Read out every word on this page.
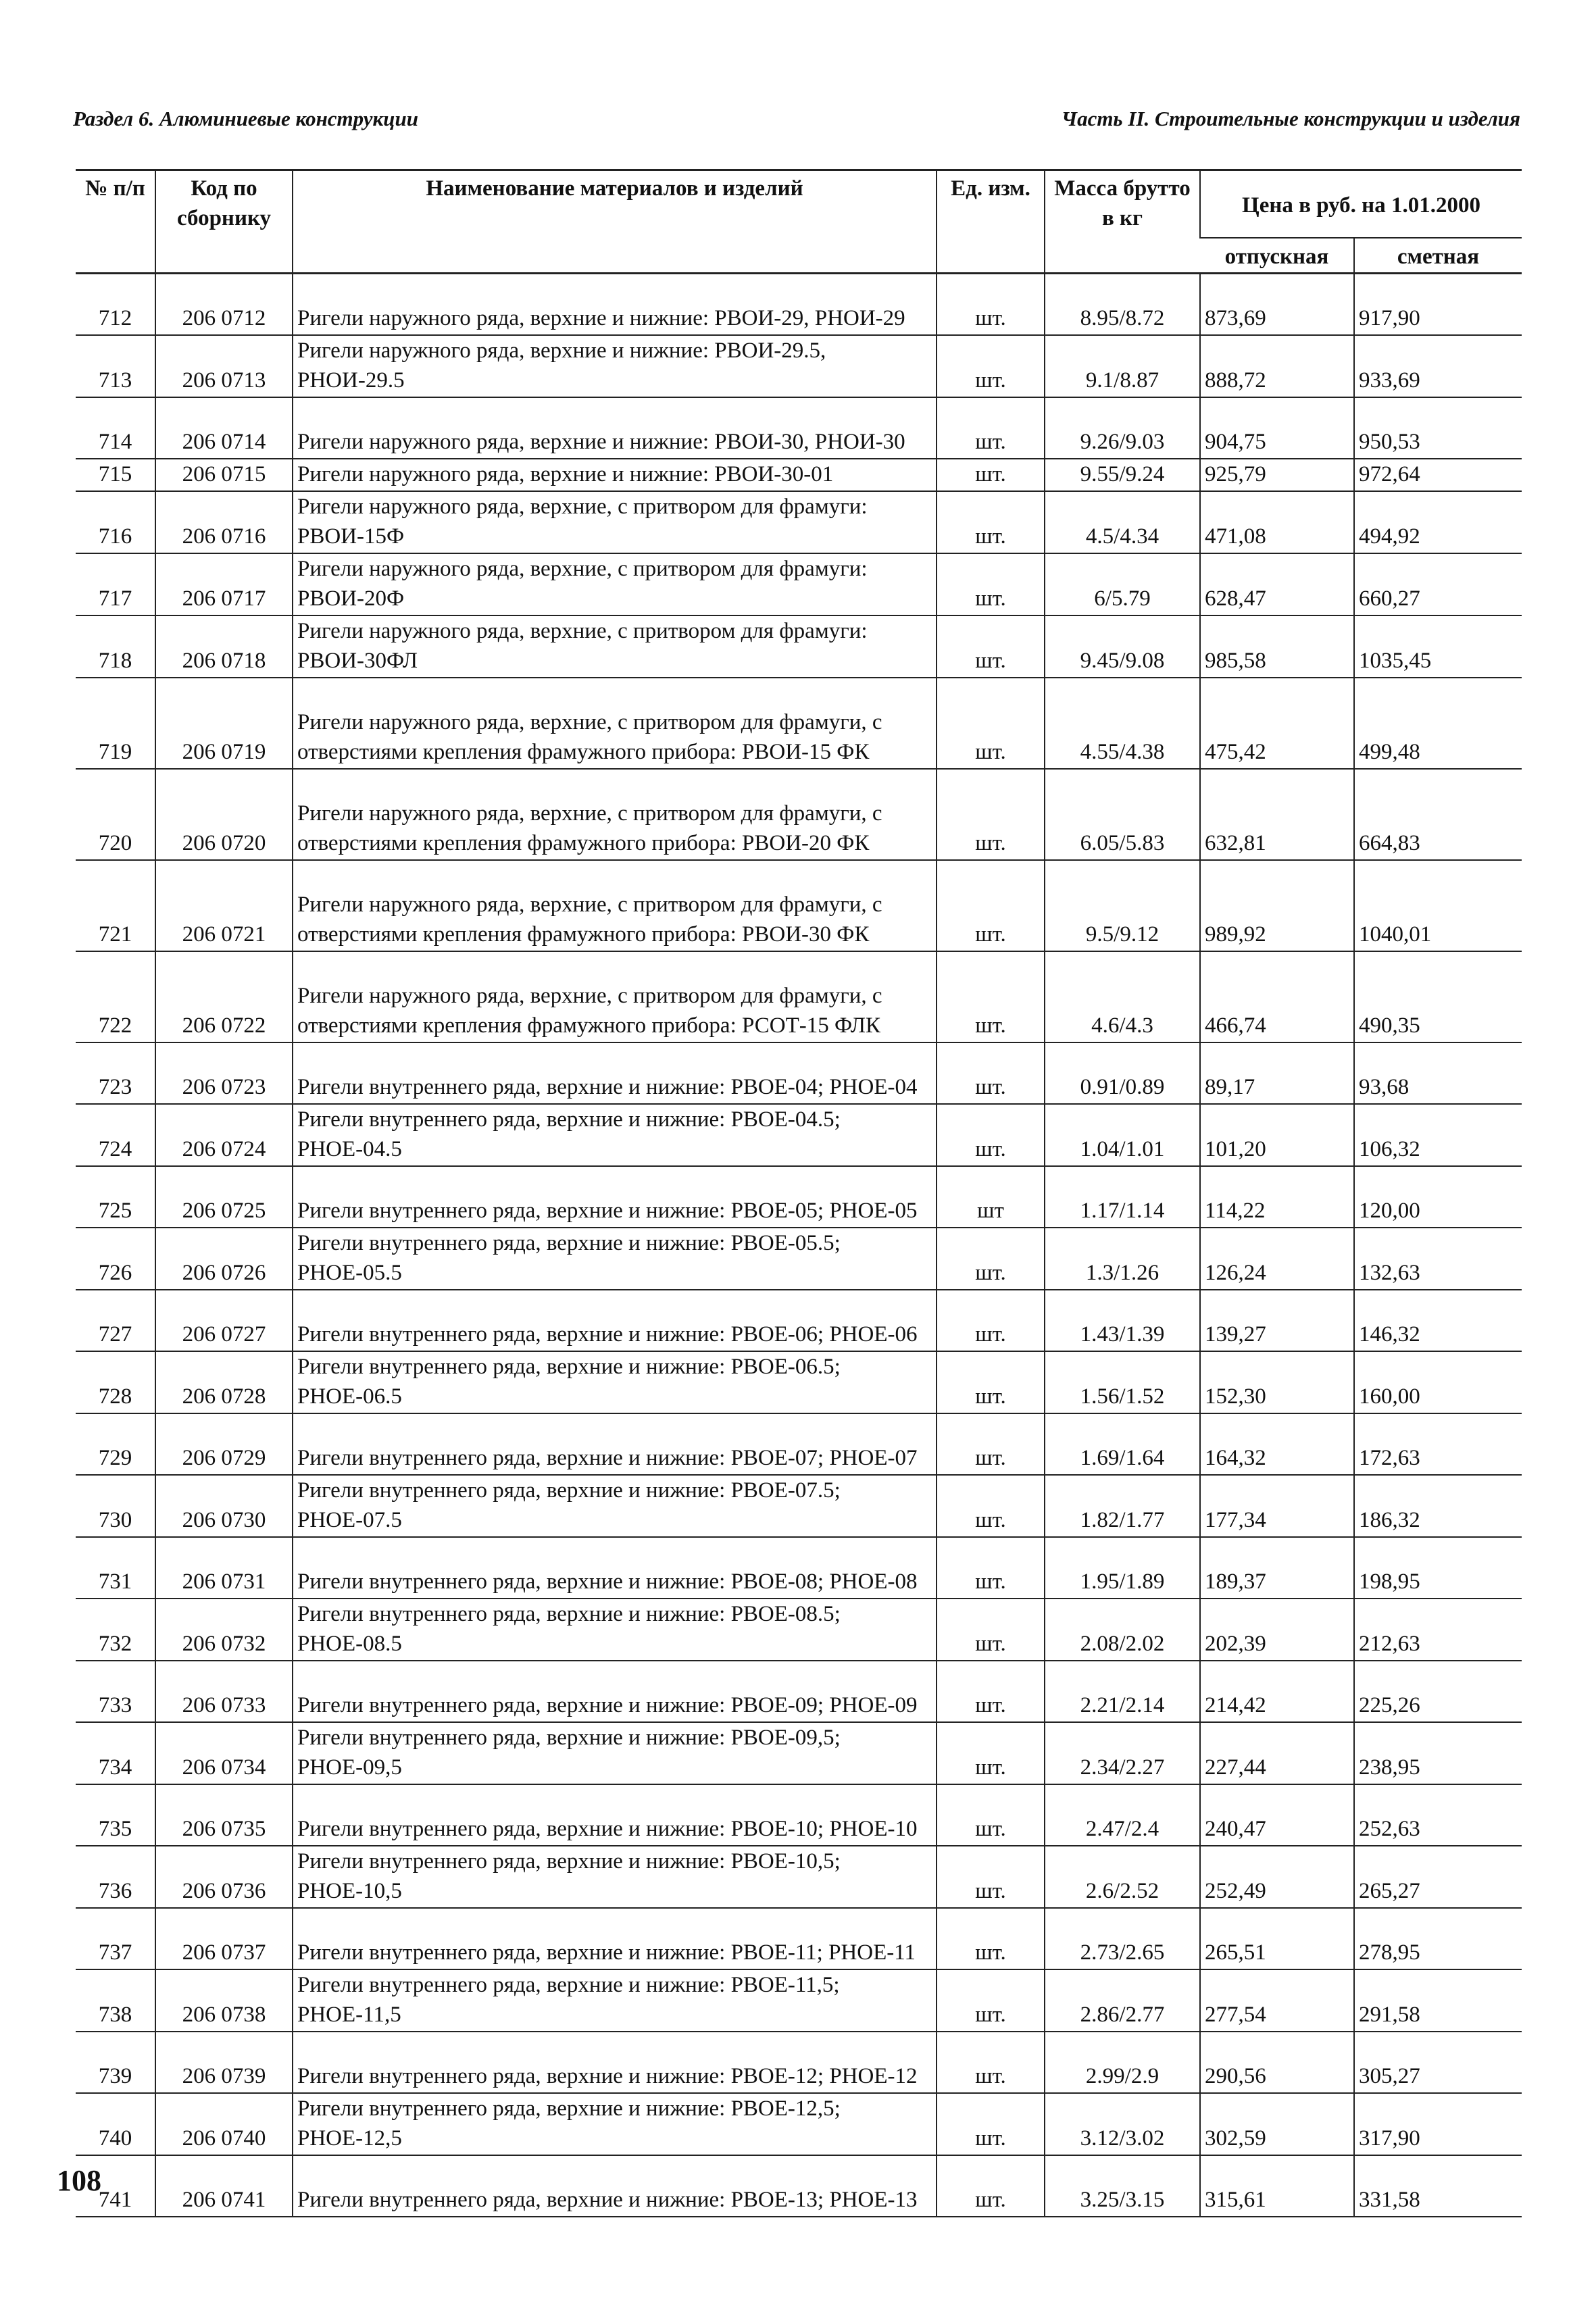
Раздел 6. Алюминиевые конструкции	Часть II. Строительные конструкции и изделия
№ п/п	Код по сборнику	Наименование материалов и изделий	Ед. изм.	Масса брутто в кг	Цена в руб. на 1.01.2000	
					отпускная	сметная
712	206 0712	Ригели наружного ряда, верхние и нижние: РВОИ-29, РНОИ-29	шт.	8.95/8.72	873,69	917,90
713	206 0713	Ригели наружного ряда, верхние и нижние: РВОИ-29.5, РНОИ-29.5	шт.	9.1/8.87	888,72	933,69
714	206 0714	Ригели наружного ряда, верхние и нижние: РВОИ-30, РНОИ-30	шт.	9.26/9.03	904,75	950,53
715	206 0715	Ригели наружного ряда, верхние и нижние: РВОИ-30-01	шт.	9.55/9.24	925,79	972,64
716	206 0716	Ригели наружного ряда, верхние, с притвором для фрамуги: РВОИ-15Ф	шт.	4.5/4.34	471,08	494,92
717	206 0717	Ригели наружного ряда, верхние, с притвором для фрамуги: РВОИ-20Ф	шт.	6/5.79	628,47	660,27
718	206 0718	Ригели наружного ряда, верхние, с притвором для фрамуги: РВОИ-30ФЛ	шт.	9.45/9.08	985,58	1035,45
719	206 0719	Ригели наружного ряда, верхние, с притвором для фрамуги, с отверстиями крепления фрамужного прибора: РВОИ-15 ФК	шт.	4.55/4.38	475,42	499,48
720	206 0720	Ригели наружного ряда, верхние, с притвором для фрамуги, с отверстиями крепления фрамужного прибора: РВОИ-20 ФК	шт.	6.05/5.83	632,81	664,83
721	206 0721	Ригели наружного ряда, верхние, с притвором для фрамуги, с отверстиями крепления фрамужного прибора: РВОИ-30 ФК	шт.	9.5/9.12	989,92	1040,01
722	206 0722	Ригели наружного ряда, верхние, с притвором для фрамуги, с отверстиями крепления фрамужного прибора: РСОТ-15 ФЛК	шт.	4.6/4.3	466,74	490,35
723	206 0723	Ригели внутреннего ряда, верхние и нижние: РВОЕ-04; РНОЕ-04	шт.	0.91/0.89	89,17	93,68
724	206 0724	Ригели внутреннего ряда, верхние и нижние: РВОЕ-04.5; РНОЕ-04.5	шт.	1.04/1.01	101,20	106,32
725	206 0725	Ригели внутреннего ряда, верхние и нижние: РВОЕ-05; РНОЕ-05	шт	1.17/1.14	114,22	120,00
726	206 0726	Ригели внутреннего ряда, верхние и нижние: РВОЕ-05.5; РНОЕ-05.5	шт.	1.3/1.26	126,24	132,63
727	206 0727	Ригели внутреннего ряда, верхние и нижние: РВОЕ-06; РНОЕ-06	шт.	1.43/1.39	139,27	146,32
728	206 0728	Ригели внутреннего ряда, верхние и нижние: РВОЕ-06.5; РНОЕ-06.5	шт.	1.56/1.52	152,30	160,00
729	206 0729	Ригели внутреннего ряда, верхние и нижние: РВОЕ-07; РНОЕ-07	шт.	1.69/1.64	164,32	172,63
730	206 0730	Ригели внутреннего ряда, верхние и нижние: РВОЕ-07.5; РНОЕ-07.5	шт.	1.82/1.77	177,34	186,32
731	206 0731	Ригели внутреннего ряда, верхние и нижние: РВОЕ-08; РНОЕ-08	шт.	1.95/1.89	189,37	198,95
732	206 0732	Ригели внутреннего ряда, верхние и нижние: РВОЕ-08.5; РНОЕ-08.5	шт.	2.08/2.02	202,39	212,63
733	206 0733	Ригели внутреннего ряда, верхние и нижние: РВОЕ-09; РНОЕ-09	шт.	2.21/2.14	214,42	225,26
734	206 0734	Ригели внутреннего ряда, верхние и нижние: РВОЕ-09,5; РНОЕ-09,5	шт.	2.34/2.27	227,44	238,95
735	206 0735	Ригели внутреннего ряда, верхние и нижние: РВОЕ-10; РНОЕ-10	шт.	2.47/2.4	240,47	252,63
736	206 0736	Ригели внутреннего ряда, верхние и нижние: РВОЕ-10,5; РНОЕ-10,5	шт.	2.6/2.52	252,49	265,27
737	206 0737	Ригели внутреннего ряда, верхние и нижние: РВОЕ-11; РНОЕ-11	шт.	2.73/2.65	265,51	278,95
738	206 0738	Ригели внутреннего ряда, верхние и нижние: РВОЕ-11,5; РНОЕ-11,5	шт.	2.86/2.77	277,54	291,58
739	206 0739	Ригели внутреннего ряда, верхние и нижние: РВОЕ-12; РНОЕ-12	шт.	2.99/2.9	290,56	305,27
740	206 0740	Ригели внутреннего ряда, верхние и нижние: РВОЕ-12,5; РНОЕ-12,5	шт.	3.12/3.02	302,59	317,90
741	206 0741	Ригели внутреннего ряда, верхние и нижние: РВОЕ-13; РНОЕ-13	шт.	3.25/3.15	315,61	331,58
108
